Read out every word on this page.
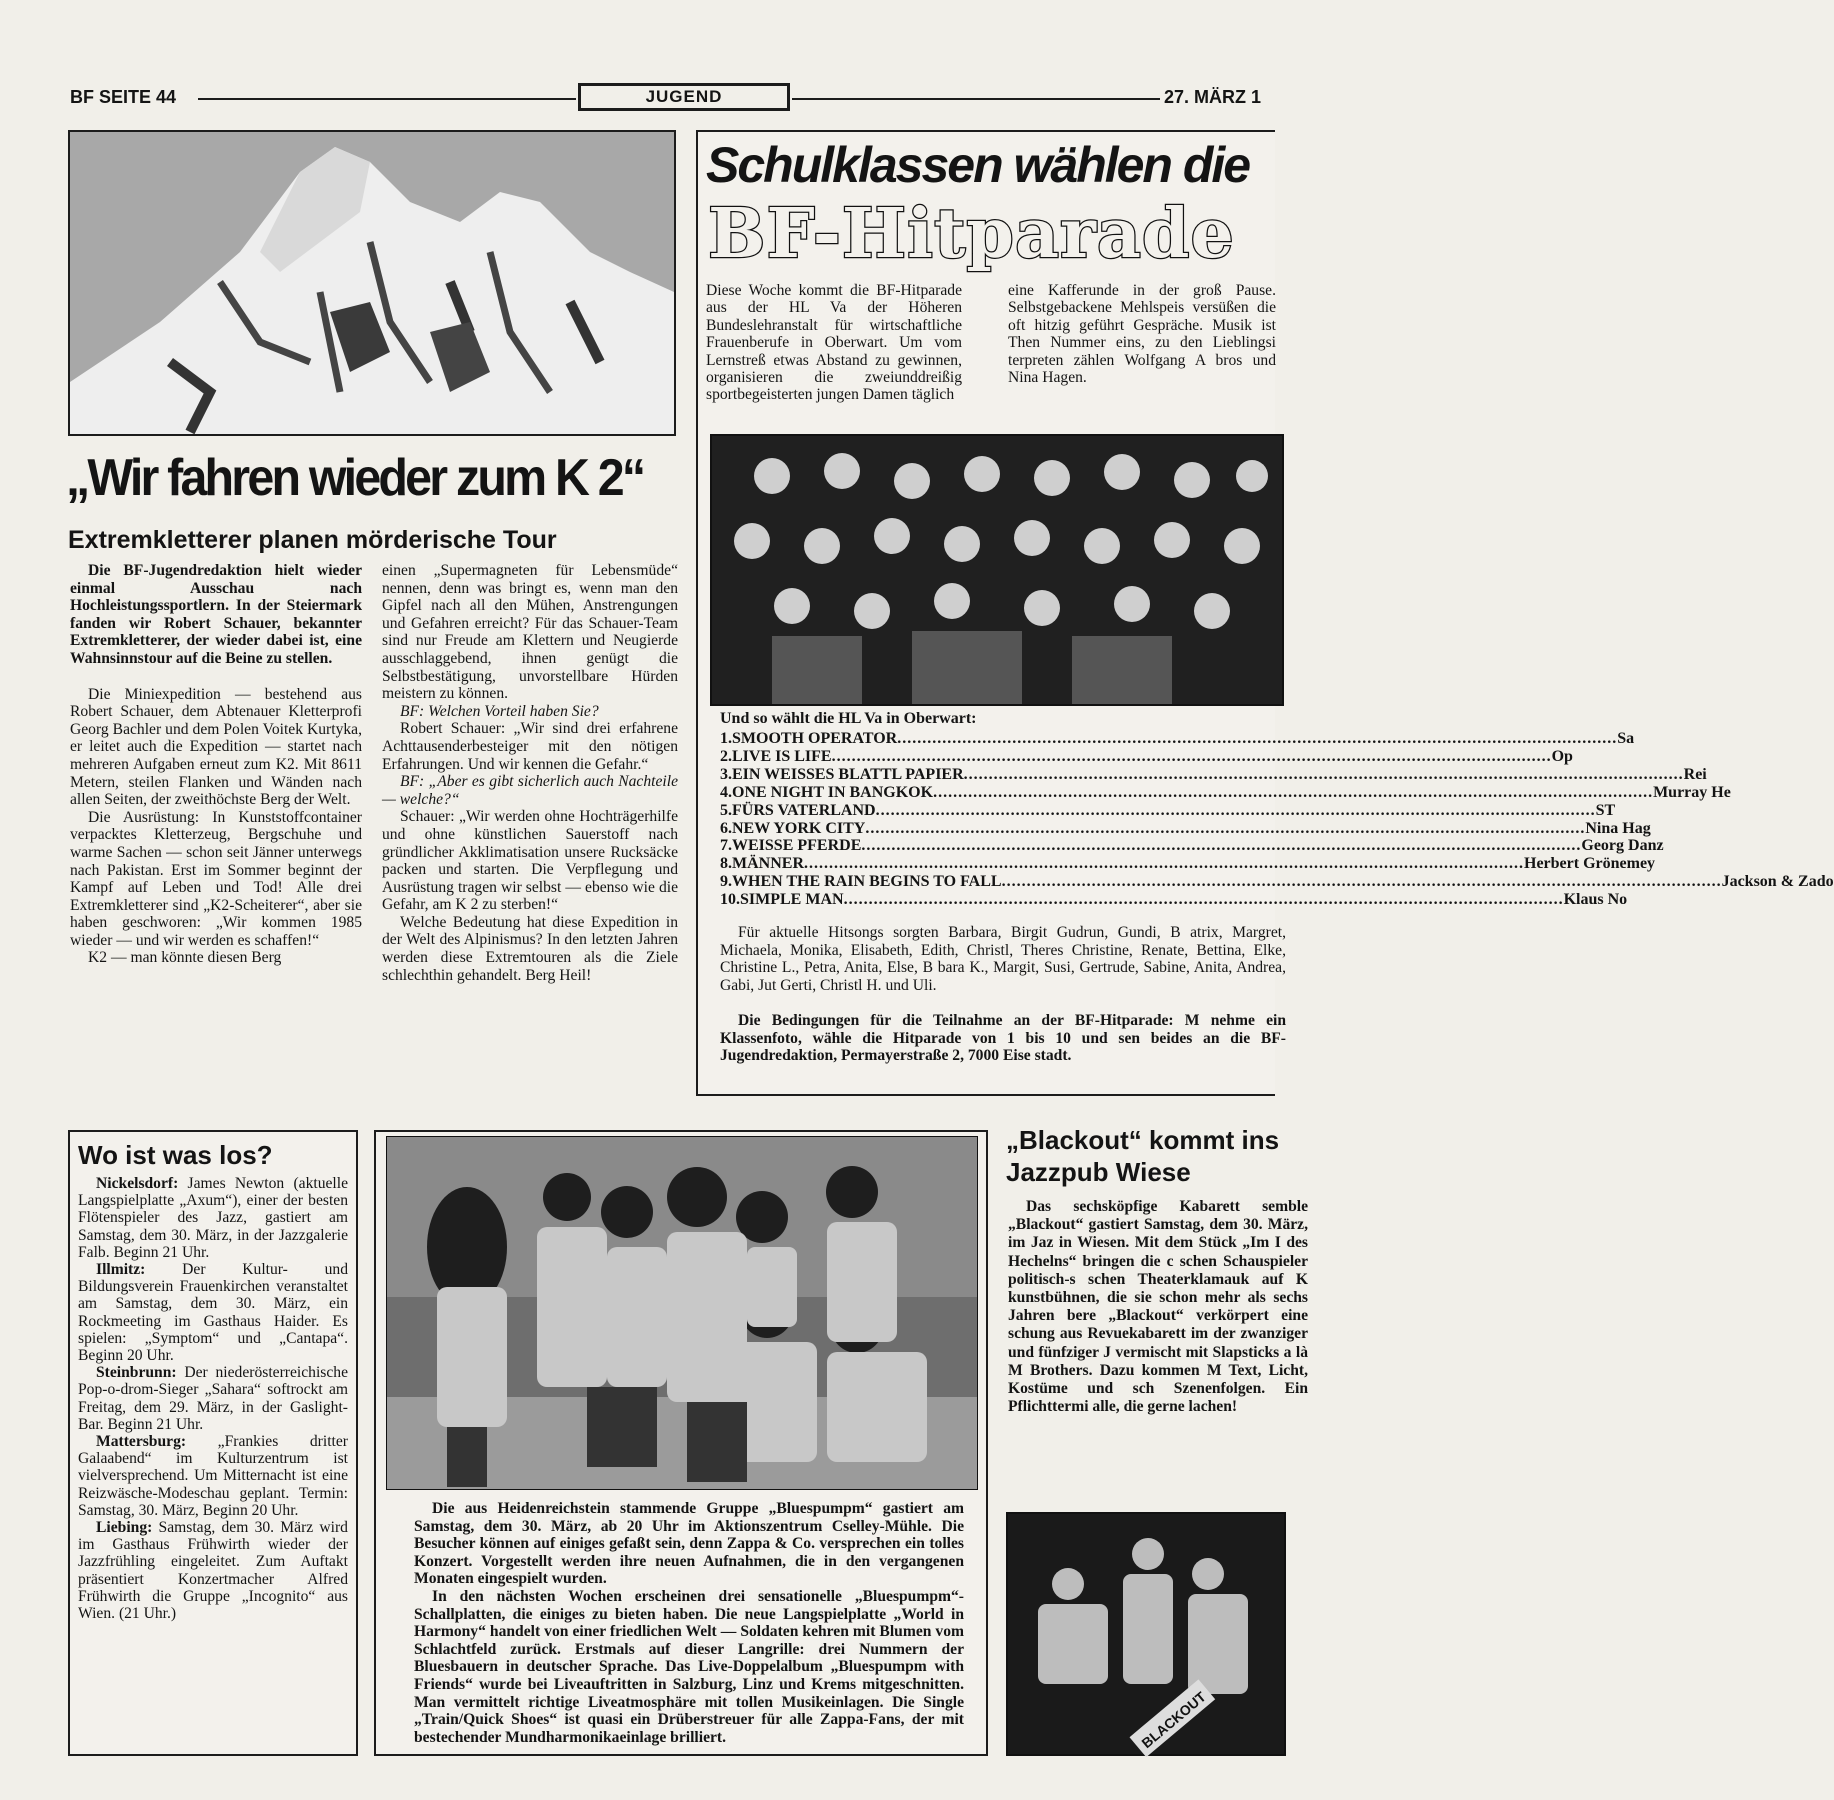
BF SEITE 44	JUGEND	27. MÄRZ 1
„Wir fahren wieder zum K 2“
Extremkletterer planen mörderische Tour

Die BF-Jugendredaktion hielt wieder einmal Ausschau nach Hochleistungssportlern. In der Steiermark fanden wir Robert Schauer, bekannter Extremkletterer, der wieder dabei ist, eine Wahnsinnstour auf die Beine zu stellen.

Die Miniexpedition — bestehend aus Robert Schauer, dem Abtenauer Kletterprofi Georg Bachler und dem Polen Voitek Kurtyka, er leitet auch die Expedition — startet nach mehreren Aufgaben erneut zum K2. Mit 8611 Metern, steilen Flanken und Wänden nach allen Seiten, der zweithöchste Berg der Welt.

Die Ausrüstung: In Kunststoffcontainer verpacktes Kletterzeug, Bergschuhe und warme Sachen — schon seit Jänner unterwegs nach Pakistan. Erst im Sommer beginnt der Kampf auf Leben und Tod! Alle drei Extremkletterer sind „K2-Scheiterer“, aber sie haben geschworen: „Wir kommen 1985 wieder — und wir werden es schaffen!“

K2 — man könnte diesen Berg

einen „Supermagneten für Lebensmüde“ nennen, denn was bringt es, wenn man den Gipfel nach all den Mühen, Anstrengungen und Gefahren erreicht? Für das Schauer-Team sind nur Freude am Klettern und Neugierde ausschlaggebend, ihnen genügt die Selbstbestätigung, unvorstellbare Hürden meistern zu können.

BF: Welchen Vorteil haben Sie?

Robert Schauer: „Wir sind drei erfahrene Achttausenderbesteiger mit den nötigen Erfahrungen. Und wir kennen die Gefahr.“

BF: „Aber es gibt sicherlich auch Nachteile — welche?“

Schauer: „Wir werden ohne Hochträgerhilfe und ohne künstlichen Sauerstoff nach gründlicher Akklimatisation unsere Rucksäcke packen und starten. Die Verpflegung und Ausrüstung tragen wir selbst — ebenso wie die Gefahr, am K 2 zu sterben!“

Welche Bedeutung hat diese Expedition in der Welt des Alpinismus? In den letzten Jahren werden diese Extremtouren als die Ziele schlechthin gehandelt. Berg Heil!

Schulklassen wählen die
BF-Hitparade
Diese Woche kommt die BF-Hitparade aus der HL Va der Höheren Bundeslehranstalt für wirtschaftliche Frauenberufe in Oberwart. Um vom Lernstreß etwas Abstand zu gewinnen, organisieren die zweiunddreißig sportbegeisterten jungen Damen täglich
eine Kafferunde in der groß Pause. Selbstgebackene Mehlspeis versüßen die oft hitzig geführt Gespräche. Musik ist Then Nummer eins, zu den Lieblingsi terpreten zählen Wolfgang A bros und Nina Hagen.
Und so wählt die HL Va in Oberwart:
1. SMOOTH OPERATOR .....	Sa
2. LIVE IS LIFE .....	Op
3. EIN WEISSES BLATTL PAPIER .....	Rei
4. ONE NIGHT IN BANGKOK .....	Murray He
5. FÜRS VATERLAND .....	ST
6. NEW YORK CITY .....	Nina Hag
7. WEISSE PFERDE .....	Georg Danz
8. MÄNNER .....	Herbert Grönemey
9. WHEN THE RAIN BEGINS TO FALL .....	Jackson & Zado
10. SIMPLE MAN .....	Klaus No
Für aktuelle Hitsongs sorgten Barbara, Birgit Gudrun, Gundi, B atrix, Margret, Michaela, Monika, Elisabeth, Edith, Christl, Theres Christine, Renate, Bettina, Elke, Christine L., Petra, Anita, Else, B bara K., Margit, Susi, Gertrude, Sabine, Anita, Andrea, Gabi, Jut Gerti, Christl H. und Uli.
Die Bedingungen für die Teilnahme an der BF-Hitparade: M nehme ein Klassenfoto, wähle die Hitparade von 1 bis 10 und sen beides an die BF-Jugendredaktion, Permayerstraße 2, 7000 Eise stadt.
Wo ist was los?

Nickelsdorf: James Newton (aktuelle Langspielplatte „Axum“), einer der besten Flötenspieler des Jazz, gastiert am Samstag, dem 30. März, in der Jazzgalerie Falb. Beginn 21 Uhr.

Illmitz: Der Kultur- und Bildungsverein Frauenkirchen veranstaltet am Samstag, dem 30. März, ein Rockmeeting im Gasthaus Haider. Es spielen: „Symptom“ und „Cantapa“. Beginn 20 Uhr.

Steinbrunn: Der niederösterreichische Pop-o-drom-Sieger „Sahara“ softrockt am Freitag, dem 29. März, in der Gaslight-Bar. Beginn 21 Uhr.

Mattersburg: „Frankies dritter Galaabend“ im Kulturzentrum ist vielversprechend. Um Mitternacht ist eine Reizwäsche-Modeschau geplant. Termin: Samstag, 30. März, Beginn 20 Uhr.

Liebing: Samstag, dem 30. März wird im Gasthaus Frühwirth wieder der Jazzfrühling eingeleitet. Zum Auftakt präsentiert Konzertmacher Alfred Frühwirth die Gruppe „Incognito“ aus Wien. (21 Uhr.)

Die aus Heidenreichstein stammende Gruppe „Bluespumpm“ gastiert am Samstag, dem 30. März, ab 20 Uhr im Aktionszentrum Cselley-Mühle. Die Besucher können auf einiges gefaßt sein, denn Zappa & Co. versprechen ein tolles Konzert. Vorgestellt werden ihre neuen Aufnahmen, die in den vergangenen Monaten eingespielt wurden.

In den nächsten Wochen erscheinen drei sensationelle „Bluespumpm“-Schallplatten, die einiges zu bieten haben. Die neue Langspielplatte „World in Harmony“ handelt von einer friedlichen Welt — Soldaten kehren mit Blumen vom Schlachtfeld zurück. Erstmals auf dieser Langrille: drei Nummern der Bluesbauern in deutscher Sprache. Das Live-Doppelalbum „Bluespumpm with Friends“ wurde bei Liveauftritten in Salzburg, Linz und Krems mitgeschnitten. Man vermittelt richtige Liveatmosphäre mit tollen Musikeinlagen. Die Single „Train/Quick Shoes“ ist quasi ein Drüberstreuer für alle Zappa-Fans, der mit bestechender Mundharmonikaeinlage brilliert.

„Blackout“ kommt ins Jazzpub Wiese
Das sechsköpfige Kabarett semble „Blackout“ gastiert Samstag, dem 30. März, im Jaz in Wiesen. Mit dem Stück „Im I des Hechelns“ bringen die c schen Schauspieler politisch-s schen Theaterklamauk auf K kunstbühnen, die sie schon mehr als sechs Jahren bere „Blackout“ verkörpert eine schung aus Revuekabarett im der zwanziger und fünfziger J vermischt mit Slapsticks a là M Brothers. Dazu kommen M Text, Licht, Kostüme und sch Szenenfolgen. Ein Pflichttermi alle, die gerne lachen!
BLACKOUT
